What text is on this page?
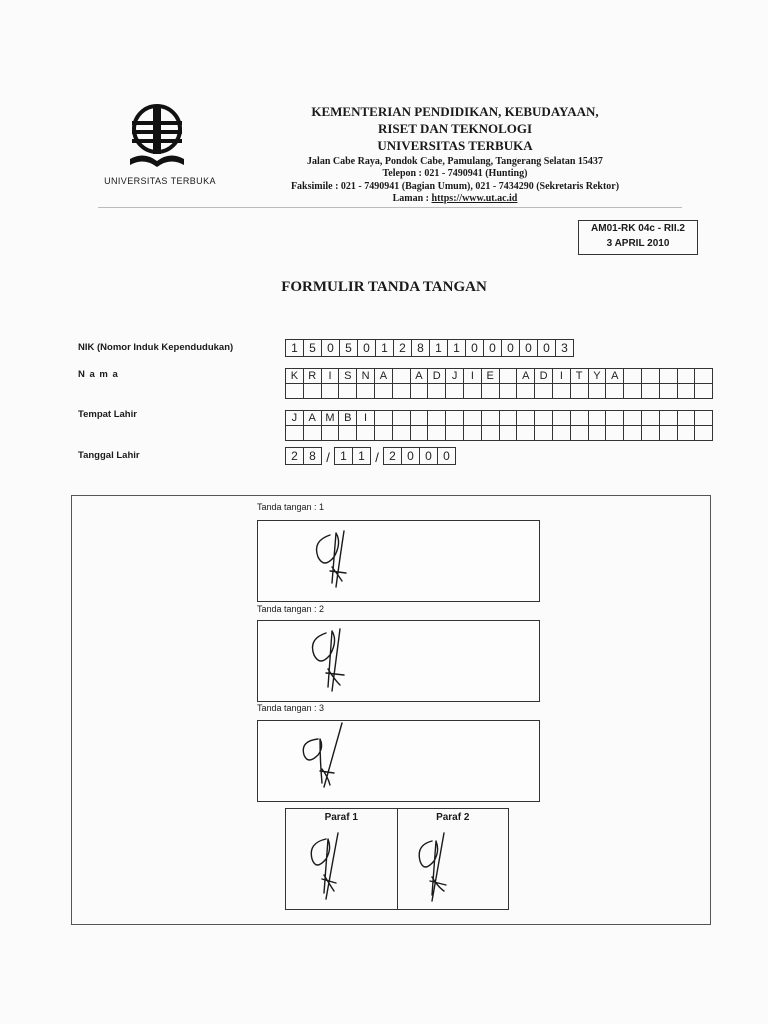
UNIVERSITAS TERBUKA
KEMENTERIAN PENDIDIKAN, KEBUDAYAAN,
RISET DAN TEKNOLOGI
UNIVERSITAS TERBUKA
Jalan Cabe Raya, Pondok Cabe, Pamulang, Tangerang Selatan 15437
Telepon : 021 - 7490941 (Hunting)
Faksimile : 021 - 7490941 (Bagian Umum), 021 - 7434290 (Sekretaris Rektor)
Laman : https://www.ut.ac.id
AM01-RK 04c - RII.2
3 APRIL 2010
FORMULIR TANDA TANGAN
NIK (Nomor Induk Kependudukan)	1 5 0 5 0 1 2 8 1 1 0 0 0 0 0 3
N a m a	K R	I	S N A	A D	J	I	E	A D	I	T Y A
Tempat Lahir	J	A M B	I
Tanggal Lahir	2 8 / 1 1 / 2 0 0 0
Tanda tangan : 1
Tanda tangan : 2
Tanda tangan : 3
Paraf 1	Paraf 2
